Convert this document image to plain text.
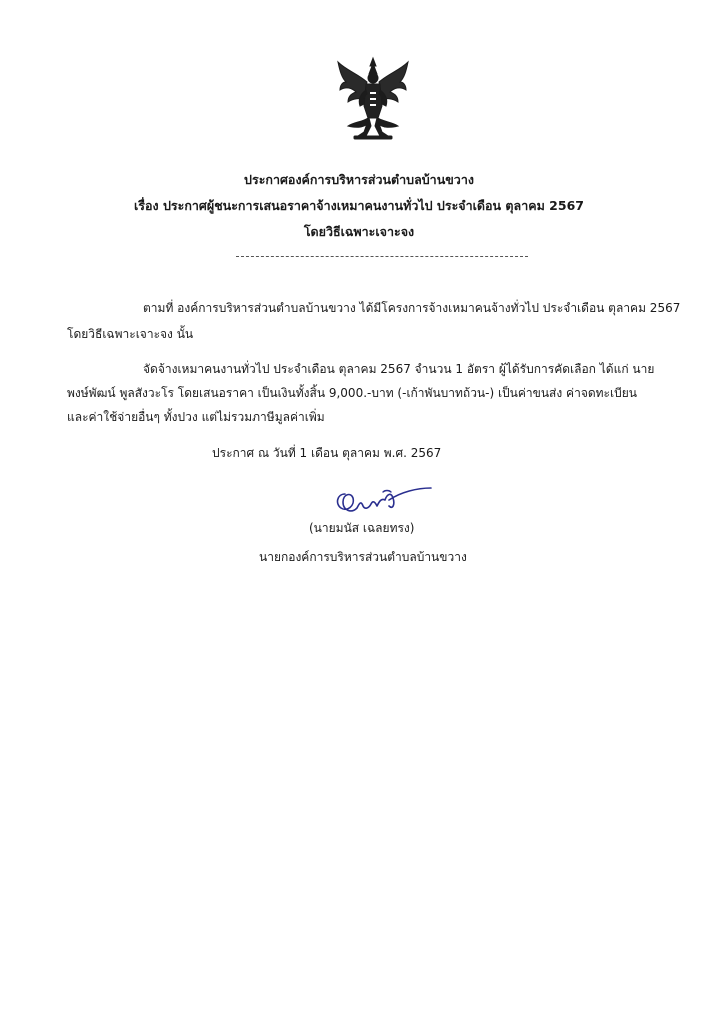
ประกาศองค์การบริหารส่วนตำบลบ้านขวาง
เรื่อง ประกาศผู้ชนะการเสนอราคาจ้างเหมาคนงานทั่วไป ประจำเดือน ตุลาคม 2567
โดยวิธีเฉพาะเจาะจง
ตามที่ องค์การบริหารส่วนตำบลบ้านขวาง ได้มีโครงการจ้างเหมาคนจ้างทั่วไป ประจำเดือน ตุลาคม 2567
โดยวิธีเฉพาะเจาะจง นั้น
จัดจ้างเหมาคนงานทั่วไป ประจำเดือน ตุลาคม 2567 จำนวน 1 อัตรา ผู้ได้รับการคัดเลือก ได้แก่ นาย
พงษ์พัฒน์ พูลสังวะโร โดยเสนอราคา เป็นเงินทั้งสิ้น 9,000.-บาท (-เก้าพันบาทถ้วน-) เป็นค่าขนส่ง ค่าจดทะเบียน
และค่าใช้จ่ายอื่นๆ ทั้งปวง แต่ไม่รวมภาษีมูลค่าเพิ่ม
ประกาศ ณ วันที่ 1 เดือน ตุลาคม พ.ศ. 2567
(นายมนัส เฉลยทรง)
นายกองค์การบริหารส่วนตำบลบ้านขวาง
